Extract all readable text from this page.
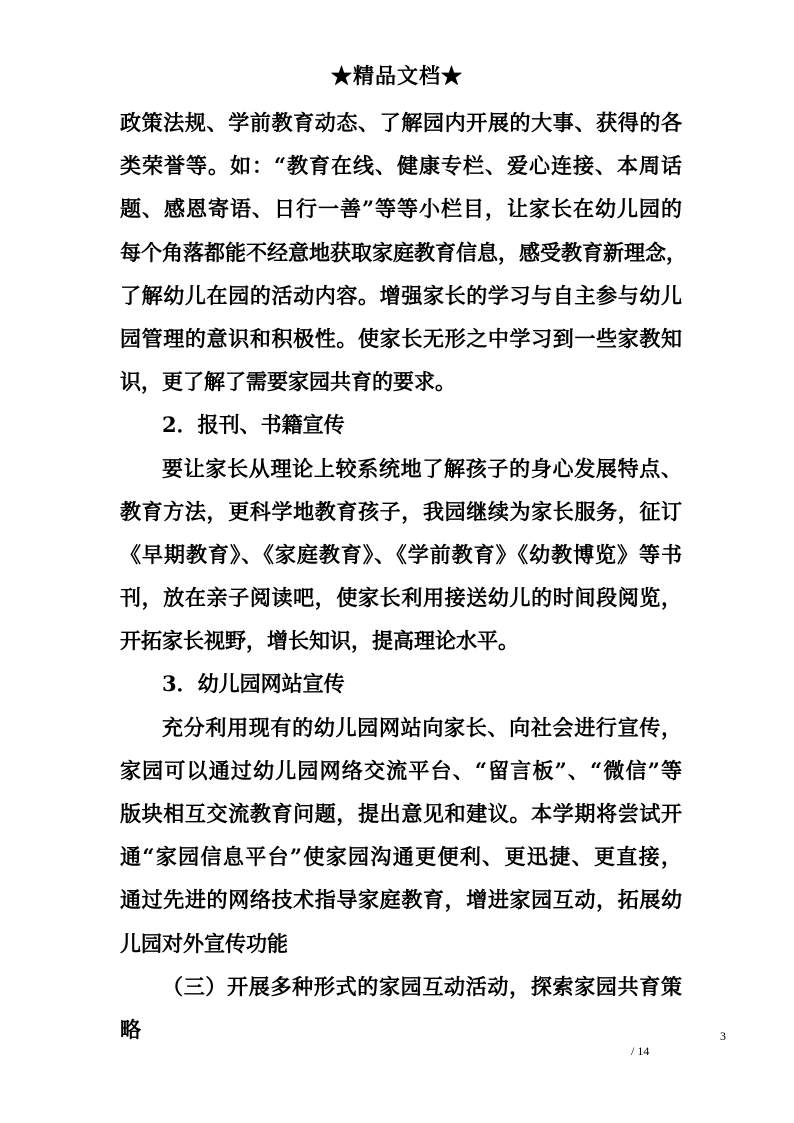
★精品文档★
政策法规、学前教育动态、了解园内开展的大事、获得的各
类荣誉等。如：“教育在线、健康专栏、爱心连接、本周话
题、感恩寄语、日行一善”等等小栏目，让家长在幼儿园的
每个角落都能不经意地获取家庭教育信息，感受教育新理念，
了解幼儿在园的活动内容。增强家长的学习与自主参与幼儿
园管理的意识和积极性。使家长无形之中学习到一些家教知
识，更了解了需要家园共育的要求。
2．报刊、书籍宣传
要让家长从理论上较系统地了解孩子的身心发展特点、
教育方法，更科学地教育孩子，我园继续为家长服务，征订
《早期教育》、《家庭教育》、《学前教育》《幼教博览》等书
刊，放在亲子阅读吧，使家长利用接送幼儿的时间段阅览，
开拓家长视野，增长知识，提高理论水平。
3．幼儿园网站宣传
充分利用现有的幼儿园网站向家长、向社会进行宣传，
家园可以通过幼儿园网络交流平台、“留言板”、“微信”等
版块相互交流教育问题，提出意见和建议。本学期将尝试开
通“家园信息平台”使家园沟通更便利、更迅捷、更直接，
通过先进的网络技术指导家庭教育，增进家园互动，拓展幼
儿园对外宣传功能
（三）开展多种形式的家园互动活动，探索家园共育策
略	3
/ 14
